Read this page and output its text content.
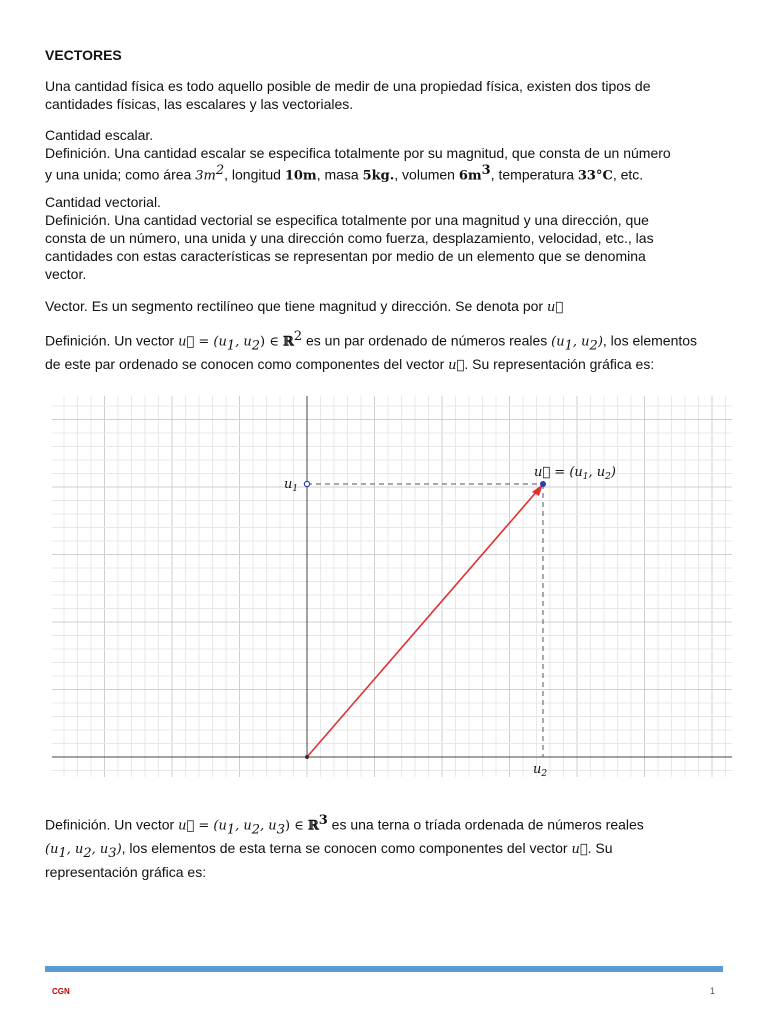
VECTORES
Una cantidad física es todo aquello posible de medir de una propiedad física, existen dos tipos de
cantidades físicas, las escalares y las vectoriales.
Cantidad escalar.
Definición. Una cantidad escalar se especifica totalmente por su magnitud, que consta de un número
y una unida; como área $3m^2$, longitud 10m, masa 5kg., volumen $6m^3$, temperatura 33°C, etc.
Cantidad vectorial.
Definición. Una cantidad vectorial se especifica totalmente por una magnitud y una dirección, que
consta de un número, una unida y una dirección como fuerza, desplazamiento, velocidad, etc., las
cantidades con estas características se representan por medio de un elemento que se denomina
vector.
Vector. Es un segmento rectilíneo que tiene magnitud y dirección. Se denota por u⃗
Definición. Un vector u⃗ = ($u_1$, $u_2$) ∈ ℝ$^2$ es un par ordenado de números reales ($u_1$, $u_2$), los elementos
de este par ordenado se conocen como componentes del vector u⃗. Su representación gráfica es:
Definición. Un vector u⃗ = ($u_1$, $u_2$, $u_3$) ∈ ℝ$^3$ es una terna o tríada ordenada de números reales
($u_1$, $u_2$, $u_3$), los elementos de esta terna se conocen como componentes del vector u⃗. Su
representación gráfica es:
$u_1$
$u_2$
u⃗ = ($u_1$, $u_2$)
CGN	1
